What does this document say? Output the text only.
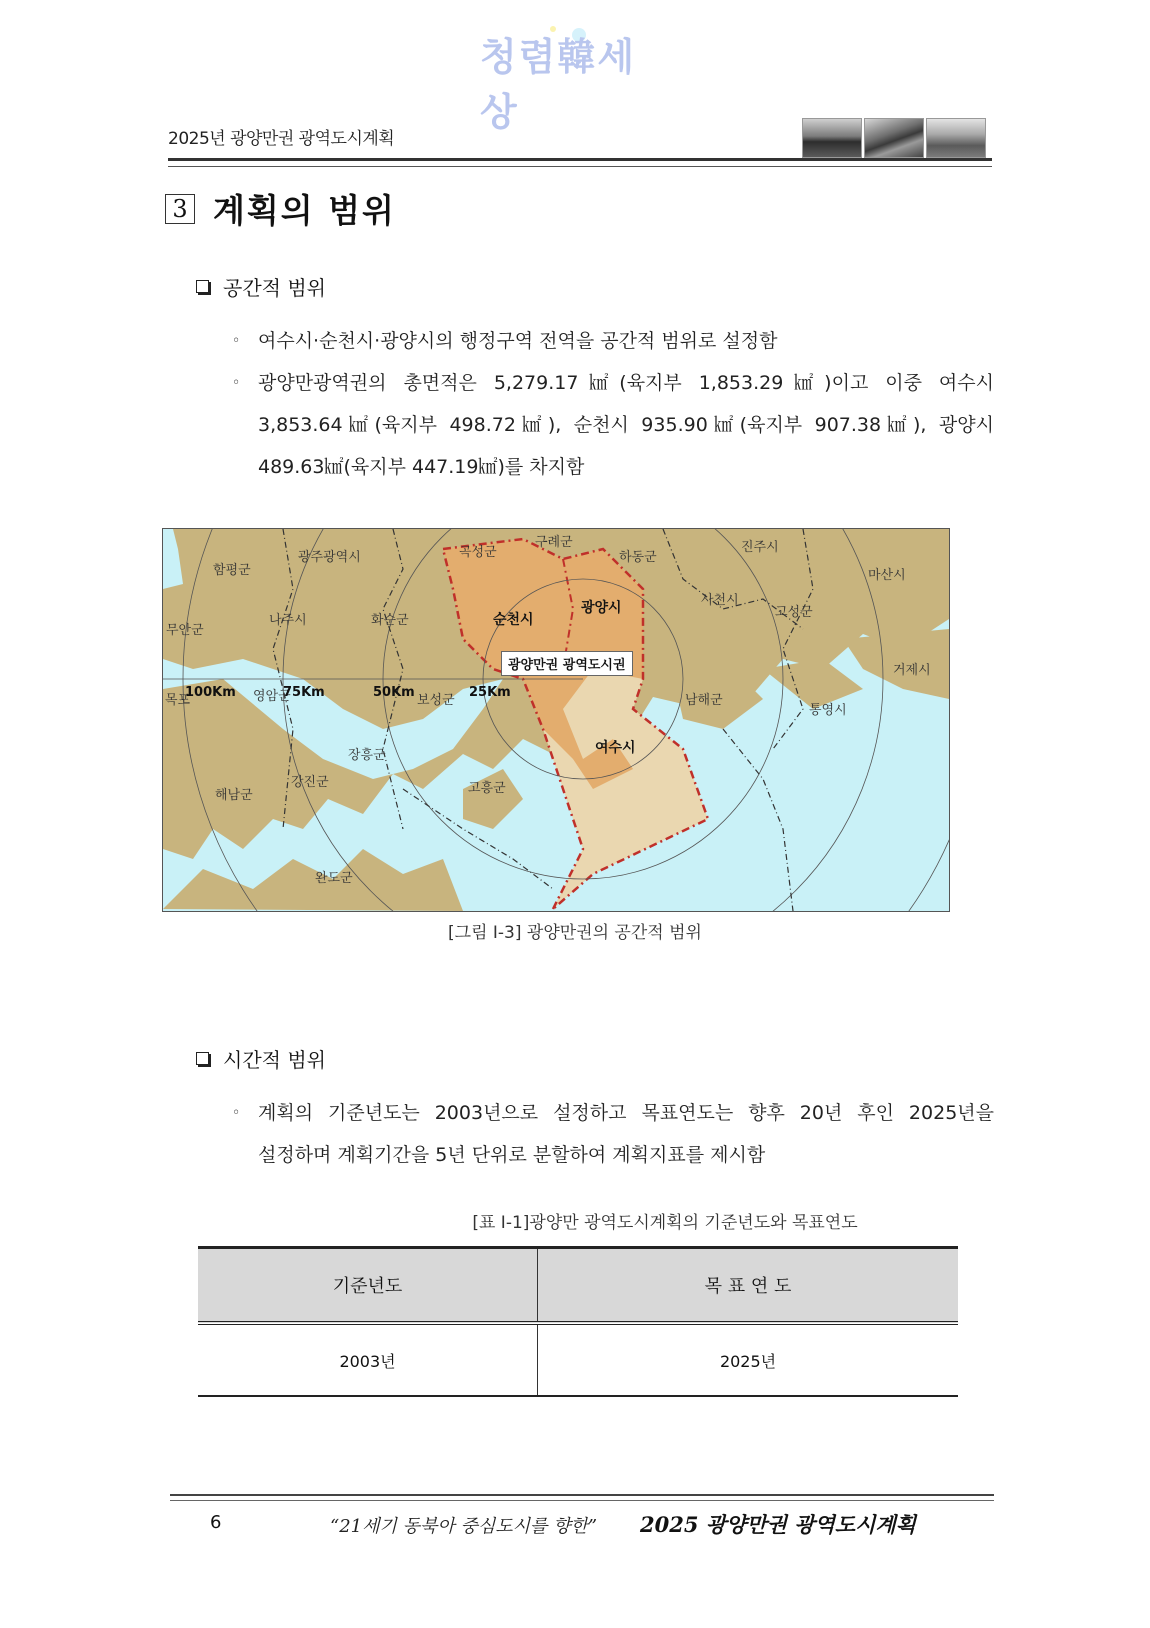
청렴韓세상
2025년 광양만권 광역도시계획
3 계획의 범위
공간적 범위
◦ 여수시·순천시·광양시의 행정구역 전역을 공간적 범위로 설정함
◦ 광양만광역권의 총면적은 5,279.17㎢(육지부 1,853.29㎢)이고 이중 여수시
3,853.64㎢(육지부 498.72㎢), 순천시 935.90㎢(육지부 907.38㎢), 광양시
489.63㎢(육지부 447.19㎢)를 차지함
함평군
광주광역시	곡성군
구례군
하동군
진주시
마산시
무안군
나주시	화순군
사천시
고성군
거제시
목포	영암군	보성군	남해군
통영시
장흥군
강진군
해남군	고흥군
완도군
순천시
광양시
여수시
광양만권 광역도시권
100Km	75Km	50Km	25Km
[그림 Ⅰ-3] 광양만권의 공간적 범위
시간적 범위
◦ 계획의 기준년도는 2003년으로 설정하고 목표연도는 향후 20년 후인 2025년을
설정하며 계획기간을 5년 단위로 분할하여 계획지표를 제시함
[표 Ⅰ-1]광양만 광역도시계획의 기준년도와 목표연도
기준년도	목 표 연 도
2003년	2025년
6	“21세기 동북아 중심도시를 향한” 2025 광양만권 광역도시계획
